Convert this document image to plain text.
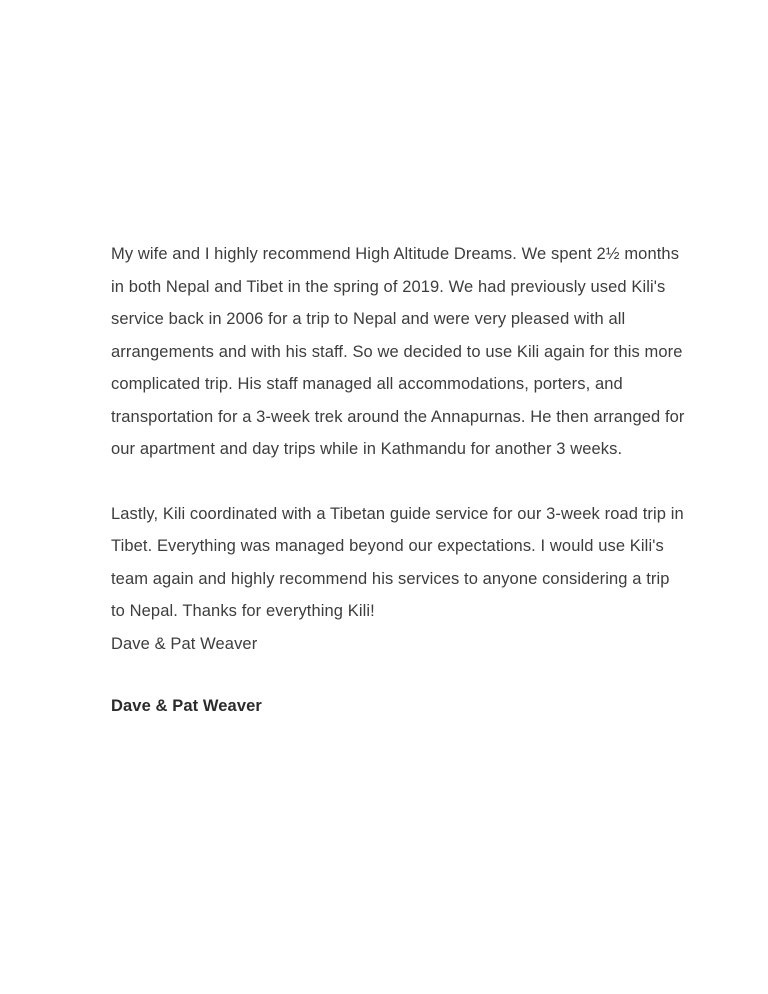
My wife and I highly recommend High Altitude Dreams. We spent 2½ months in both Nepal and Tibet in the spring of 2019. We had previously used Kili's service back in 2006 for a trip to Nepal and were very pleased with all arrangements and with his staff. So we decided to use Kili again for this more complicated trip. His staff managed all accommodations, porters, and transportation for a 3-week trek around the Annapurnas. He then arranged for our apartment and day trips while in Kathmandu for another 3 weeks.

Lastly, Kili coordinated with a Tibetan guide service for our 3-week road trip in Tibet. Everything was managed beyond our expectations. I would use Kili's team again and highly recommend his services to anyone considering a trip to Nepal. Thanks for everything Kili!

Dave & Pat Weaver

Dave & Pat Weaver
